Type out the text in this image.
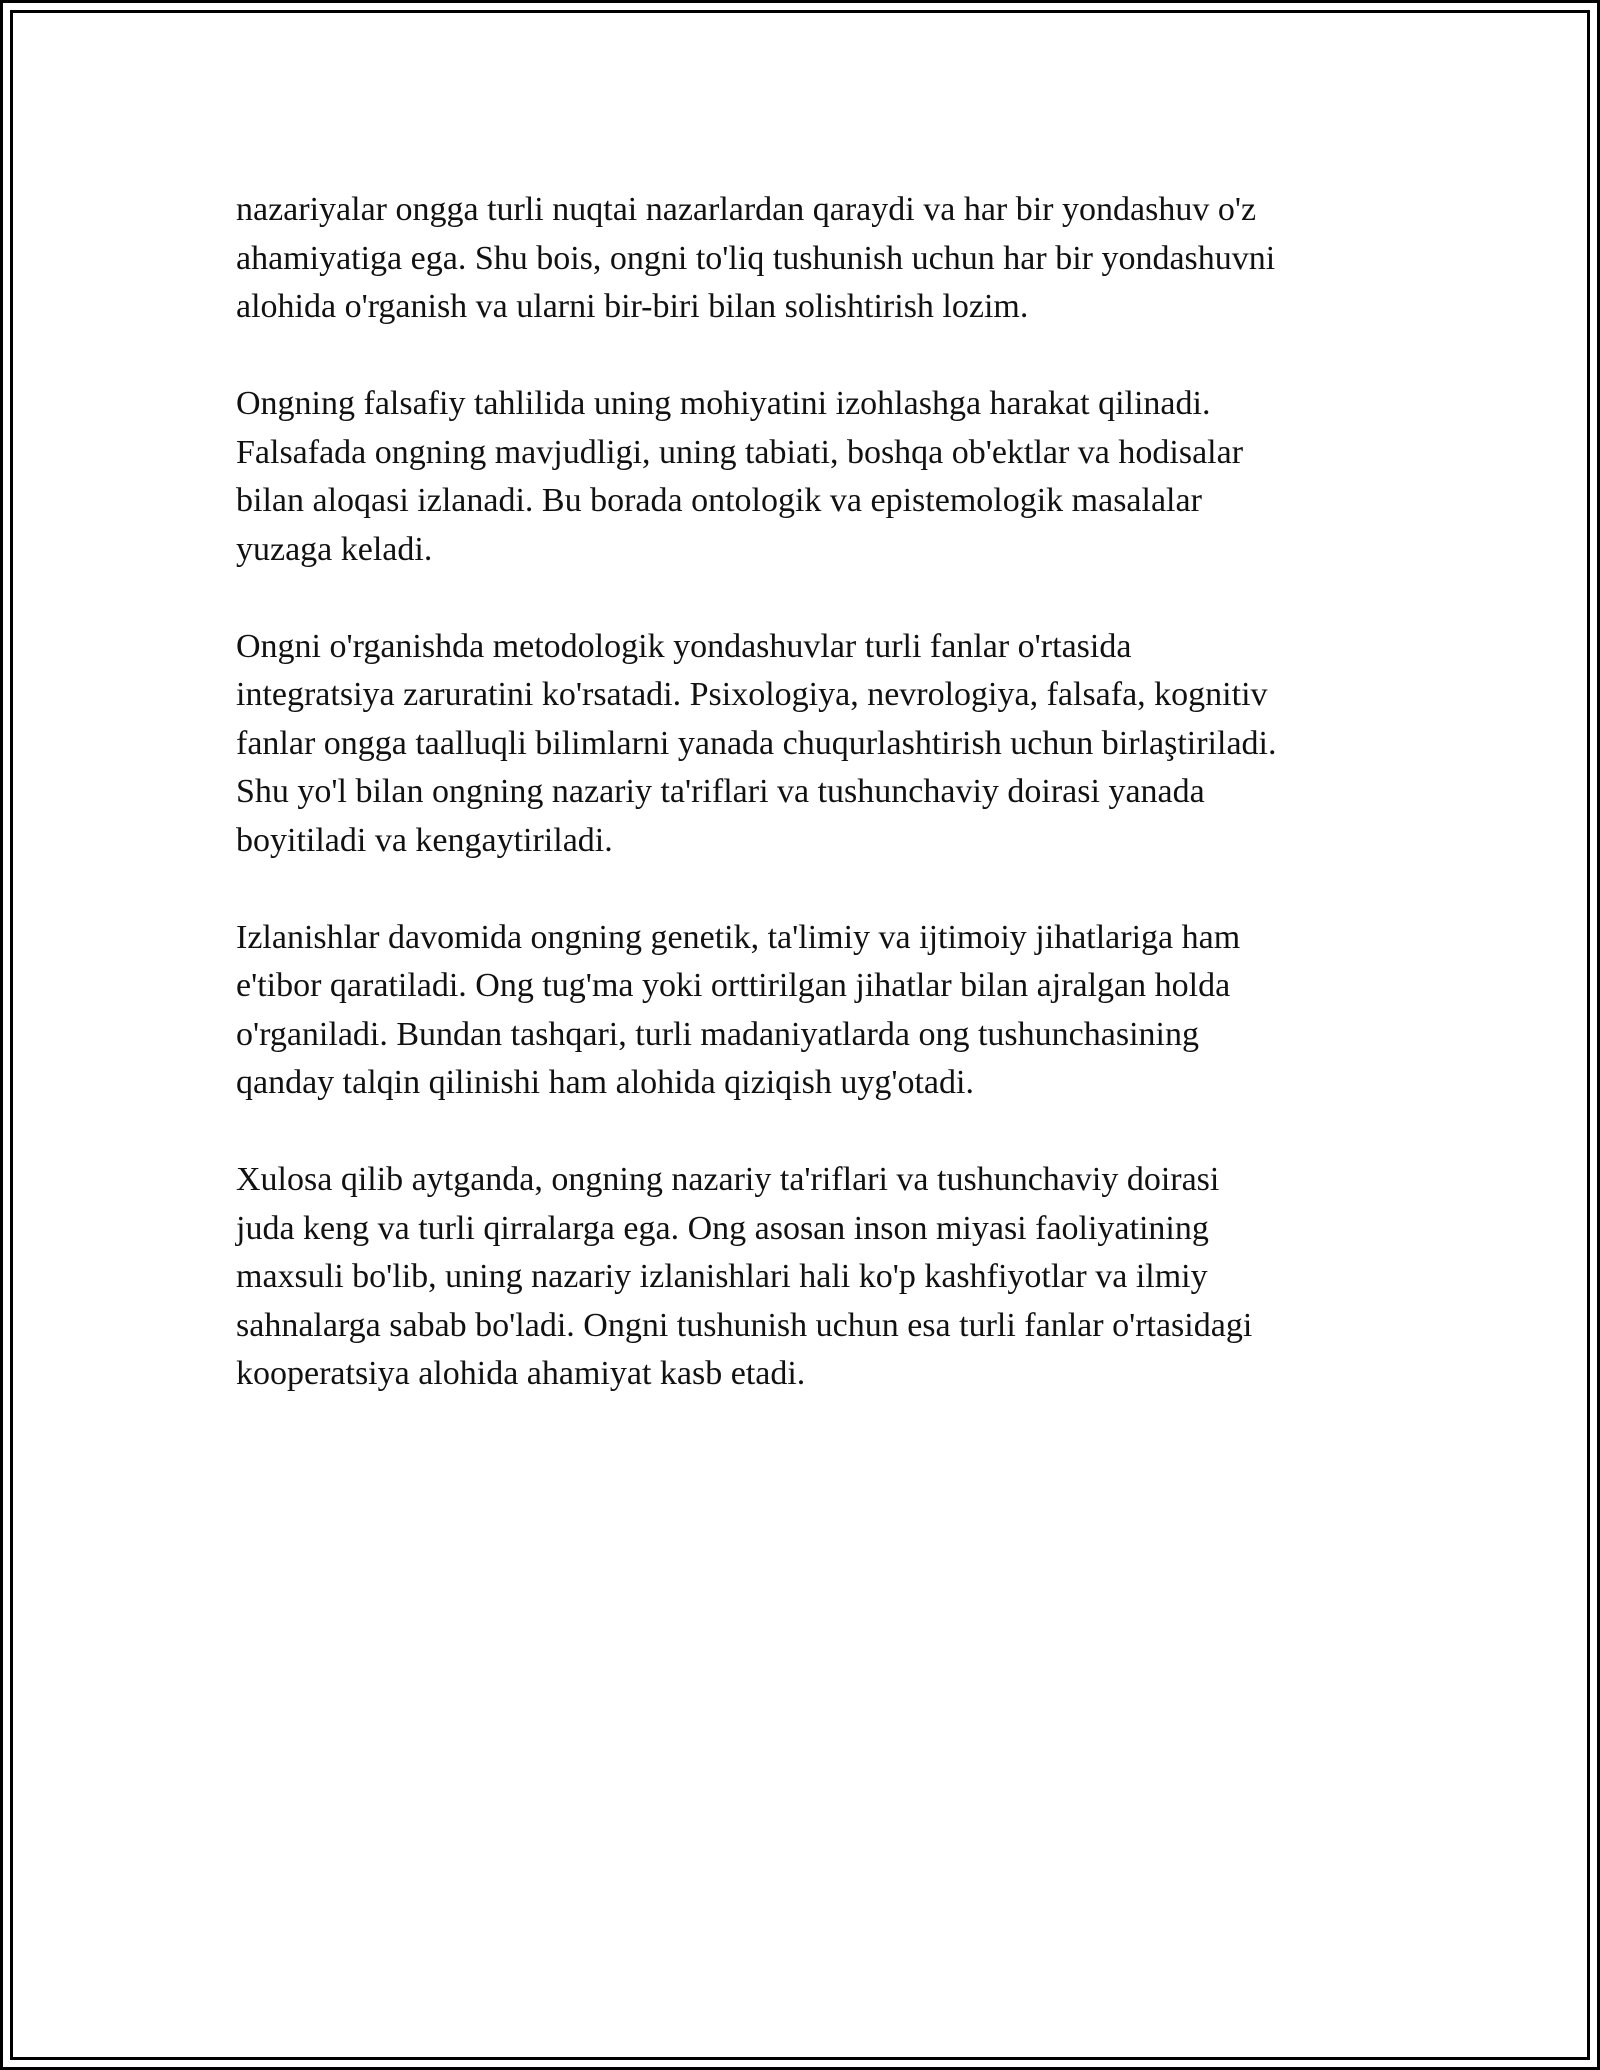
nazariyalar ongga turli nuqtai nazarlardan qaraydi va har bir yondashuv o'z
ahamiyatiga ega. Shu bois, ongni to'liq tushunish uchun har bir yondashuvni
alohida o'rganish va ularni bir-biri bilan solishtirish lozim.

Ongning falsafiy tahlilida uning mohiyatini izohlashga harakat qilinadi.
Falsafada ongning mavjudligi, uning tabiati, boshqa ob'ektlar va hodisalar
bilan aloqasi izlanadi. Bu borada ontologik va epistemologik masalalar
yuzaga keladi.

Ongni o'rganishda metodologik yondashuvlar turli fanlar o'rtasida
integratsiya zaruratini ko'rsatadi. Psixologiya, nevrologiya, falsafa, kognitiv
fanlar ongga taalluqli bilimlarni yanada chuqurlashtirish uchun birlaştiriladi.
Shu yo'l bilan ongning nazariy ta'riflari va tushunchaviy doirasi yanada
boyitiladi va kengaytiriladi.

Izlanishlar davomida ongning genetik, ta'limiy va ijtimoiy jihatlariga ham
e'tibor qaratiladi. Ong tug'ma yoki orttirilgan jihatlar bilan ajralgan holda
o'rganiladi. Bundan tashqari, turli madaniyatlarda ong tushunchasining
qanday talqin qilinishi ham alohida qiziqish uyg'otadi.

Xulosa qilib aytganda, ongning nazariy ta'riflari va tushunchaviy doirasi
juda keng va turli qirralarga ega. Ong asosan inson miyasi faoliyatining
maxsuli bo'lib, uning nazariy izlanishlari hali ko'p kashfiyotlar va ilmiy
sahnalarga sabab bo'ladi. Ongni tushunish uchun esa turli fanlar o'rtasidagi
kooperatsiya alohida ahamiyat kasb etadi.
